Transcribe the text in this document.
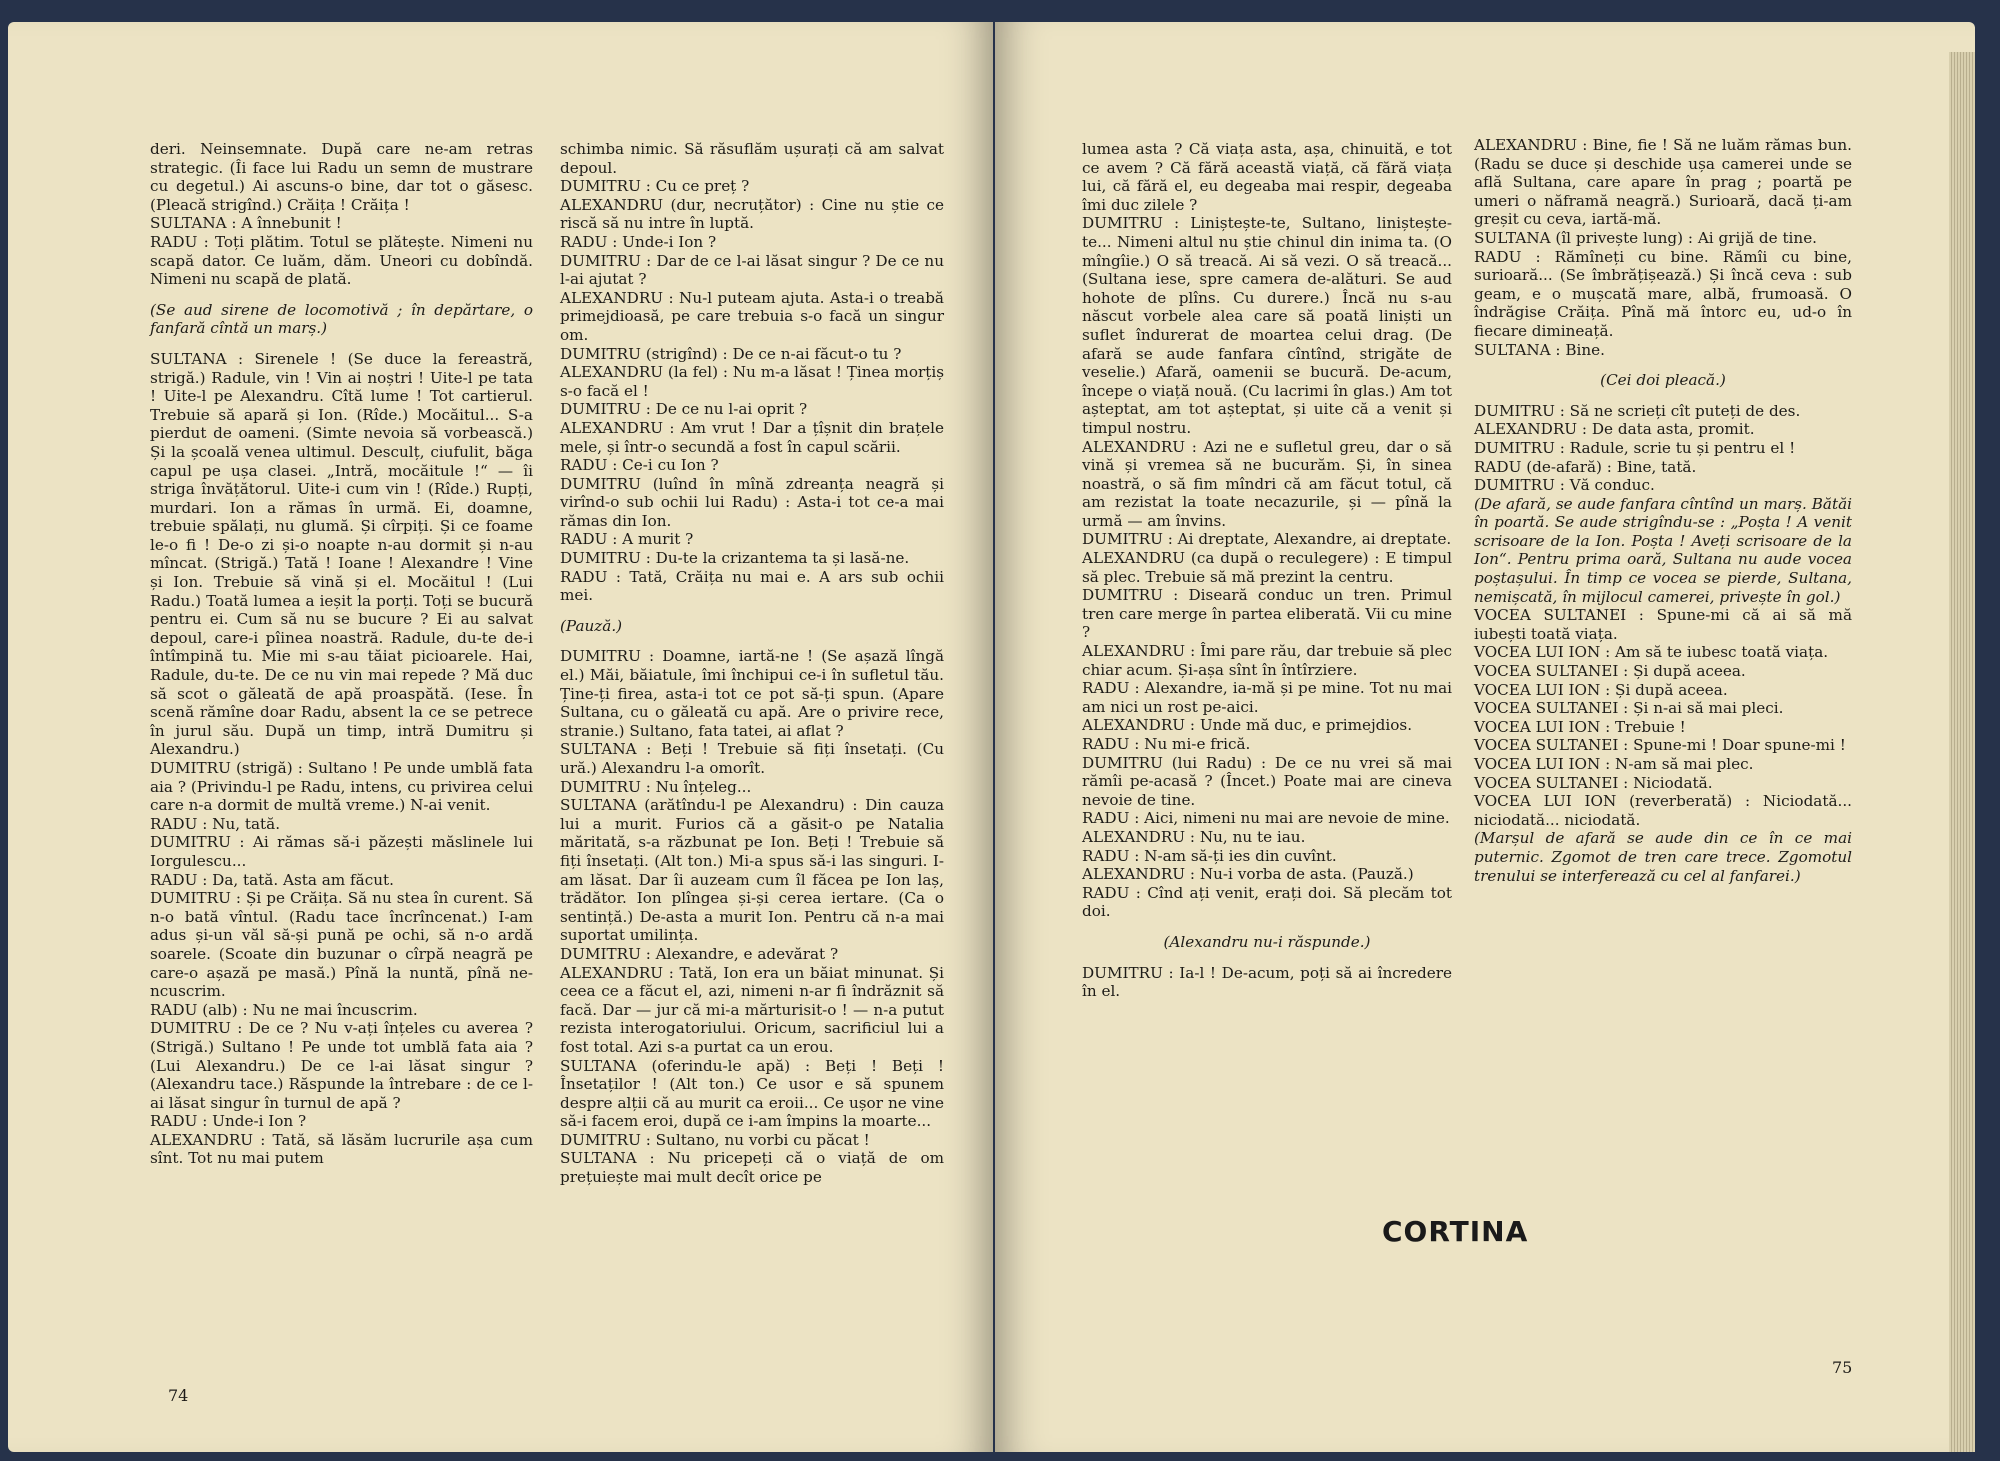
deri. Neinsemnate. După care ne-am retras strategic. (Îi face lui Radu un semn de mustrare cu degetul.) Ai ascuns-o bine, dar tot o găsesc. (Pleacă strigînd.) Crăița ! Crăița !

SULTANA : A înnebunit !

RADU : Toți plătim. Totul se plătește. Nimeni nu scapă dator. Ce luăm, dăm. Uneori cu dobîndă. Nimeni nu scapă de plată.

(Se aud sirene de locomotivă ; în depărtare, o fanfară cîntă un marș.)

SULTANA : Sirenele ! (Se duce la fereastră, strigă.) Radule, vin ! Vin ai noștri ! Uite-l pe tata ! Uite-l pe Alexandru. Cîtă lume ! Tot cartierul. Trebuie să apară și Ion. (Rîde.) Mocăitul... S-a pierdut de oameni. (Simte nevoia să vorbească.) Și la școală venea ultimul. Desculț, ciufulit, băga capul pe ușa clasei. „Intră, mocăitule !“ — îi striga învățătorul. Uite-i cum vin ! (Rîde.) Rupți, murdari. Ion a rămas în urmă. Ei, doamne, trebuie spălați, nu glumă. Și cîrpiți. Și ce foame le-o fi ! De-o zi și-o noapte n-au dormit și n-au mîncat. (Strigă.) Tată ! Ioane ! Alexandre ! Vine și Ion. Trebuie să vină și el. Mocăitul ! (Lui Radu.) Toată lumea a ieșit la porți. Toți se bucură pentru ei. Cum să nu se bucure ? Ei au salvat depoul, care-i pîinea noastră. Radule, du-te de-i întîmpină tu. Mie mi s-au tăiat picioarele. Hai, Radule, du-te. De ce nu vin mai repede ? Mă duc să scot o găleată de apă proaspătă. (Iese. În scenă rămîne doar Radu, absent la ce se petrece în jurul său. După un timp, intră Dumitru și Alexandru.)

DUMITRU (strigă) : Sultano ! Pe unde umblă fata aia ? (Privindu-l pe Radu, intens, cu privirea celui care n-a dormit de multă vreme.) N-ai venit.

RADU : Nu, tată.

DUMITRU : Ai rămas să-i păzești măslinele lui Iorgulescu...

RADU : Da, tată. Asta am făcut.

DUMITRU : Și pe Crăița. Să nu stea în curent. Să n-o bată vîntul. (Radu tace încrîncenat.) I-am adus și-un văl să-și pună pe ochi, să n-o ardă soarele. (Scoate din buzunar o cîrpă neagră pe care-o așază pe masă.) Pînă la nuntă, pînă ne-ncuscrim.

RADU (alb) : Nu ne mai încuscrim.

DUMITRU : De ce ? Nu v-ați înțeles cu averea ? (Strigă.) Sultano ! Pe unde tot umblă fata aia ? (Lui Alexandru.) De ce l-ai lăsat singur ? (Alexandru tace.) Răspunde la întrebare : de ce l-ai lăsat singur în turnul de apă ?

RADU : Unde-i Ion ?

ALEXANDRU : Tată, să lăsăm lucrurile așa cum sînt. Tot nu mai putem

schimba nimic. Să răsuflăm ușurați că am salvat depoul.

DUMITRU : Cu ce preț ?

ALEXANDRU (dur, necruțător) : Cine nu știe ce riscă să nu intre în luptă.

RADU : Unde-i Ion ?

DUMITRU : Dar de ce l-ai lăsat singur ? De ce nu l-ai ajutat ?

ALEXANDRU : Nu-l puteam ajuta. Asta-i o treabă primejdioasă, pe care trebuia s-o facă un singur om.

DUMITRU (strigînd) : De ce n-ai făcut-o tu ?

ALEXANDRU (la fel) : Nu m-a lăsat ! Ținea morțiș s-o facă el !

DUMITRU : De ce nu l-ai oprit ?

ALEXANDRU : Am vrut ! Dar a țîșnit din brațele mele, și într-o secundă a fost în capul scării.

RADU : Ce-i cu Ion ?

DUMITRU (luînd în mînă zdreanța neagră și virînd-o sub ochii lui Radu) : Asta-i tot ce-a mai rămas din Ion.

RADU : A murit ?

DUMITRU : Du-te la crizantema ta și lasă-ne.

RADU : Tată, Crăița nu mai e. A ars sub ochii mei.

(Pauză.)

DUMITRU : Doamne, iartă-ne ! (Se așază lîngă el.) Măi, băiatule, îmi închipui ce-i în sufletul tău. Ține-ți firea, asta-i tot ce pot să-ți spun. (Apare Sultana, cu o găleată cu apă. Are o privire rece, stranie.) Sultano, fata tatei, ai aflat ?

SULTANA : Beți ! Trebuie să fiți însetați. (Cu ură.) Alexandru l-a omorît.

DUMITRU : Nu înțeleg...

SULTANA (arătîndu-l pe Alexandru) : Din cauza lui a murit. Furios că a găsit-o pe Natalia măritată, s-a răzbunat pe Ion. Beți ! Trebuie să fiți însetați. (Alt ton.) Mi-a spus să-i las singuri. I-am lăsat. Dar îi auzeam cum îl făcea pe Ion laș, trădător. Ion plîngea și-și cerea iertare. (Ca o sentință.) De-asta a murit Ion. Pentru că n-a mai suportat umilința.

DUMITRU : Alexandre, e adevărat ?

ALEXANDRU : Tată, Ion era un băiat minunat. Și ceea ce a făcut el, azi, nimeni n-ar fi îndrăznit să facă. Dar — jur că mi-a mărturisit-o ! — n-a putut rezista interogatoriului. Oricum, sacrificiul lui a fost total. Azi s-a purtat ca un erou.

SULTANA (oferindu-le apă) : Beți ! Beți ! Însetaților ! (Alt ton.) Ce usor e să spunem despre alții că au murit ca eroii... Ce ușor ne vine să-i facem eroi, după ce i-am împins la moarte...

DUMITRU : Sultano, nu vorbi cu păcat !

SULTANA : Nu pricepeți că o viață de om prețuiește mai mult decît orice pe

74

lumea asta ? Că viața asta, așa, chinuită, e tot ce avem ? Că fără această viață, că fără viața lui, că fără el, eu degeaba mai respir, degeaba îmi duc zilele ?

DUMITRU : Liniștește-te, Sultano, liniștește-te... Nimeni altul nu știe chinul din inima ta. (O mîngîie.) O să treacă. Ai să vezi. O să treacă... (Sultana iese, spre camera de-alături. Se aud hohote de plîns. Cu durere.) Încă nu s-au născut vorbele alea care să poată liniști un suflet îndurerat de moartea celui drag. (De afară se aude fanfara cîntînd, strigăte de veselie.) Afară, oamenii se bucură. De-acum, începe o viață nouă. (Cu lacrimi în glas.) Am tot așteptat, am tot așteptat, și uite că a venit și timpul nostru.

ALEXANDRU : Azi ne e sufletul greu, dar o să vină și vremea să ne bucurăm. Și, în sinea noastră, o să fim mîndri că am făcut totul, că am rezistat la toate necazurile, și — pînă la urmă — am învins.

DUMITRU : Ai dreptate, Alexandre, ai dreptate.

ALEXANDRU (ca după o reculegere) : E timpul să plec. Trebuie să mă prezint la centru.

DUMITRU : Diseară conduc un tren. Primul tren care merge în partea eliberată. Vii cu mine ?

ALEXANDRU : Îmi pare rău, dar trebuie să plec chiar acum. Și-așa sînt în întîrziere.

RADU : Alexandre, ia-mă și pe mine. Tot nu mai am nici un rost pe-aici.

ALEXANDRU : Unde mă duc, e primejdios.

RADU : Nu mi-e frică.

DUMITRU (lui Radu) : De ce nu vrei să mai rămîi pe-acasă ? (Încet.) Poate mai are cineva nevoie de tine.

RADU : Aici, nimeni nu mai are nevoie de mine.

ALEXANDRU : Nu, nu te iau.

RADU : N-am să-ți ies din cuvînt.

ALEXANDRU : Nu-i vorba de asta. (Pauză.)

RADU : Cînd ați venit, erați doi. Să plecăm tot doi.

(Alexandru nu-i răspunde.)

DUMITRU : Ia-l ! De-acum, poți să ai încredere în el.

ALEXANDRU : Bine, fie ! Să ne luăm rămas bun. (Radu se duce și deschide ușa camerei unde se află Sultana, care apare în prag ; poartă pe umeri o năframă neagră.) Surioară, dacă ți-am greșit cu ceva, iartă-mă.

SULTANA (îl privește lung) : Ai grijă de tine.

RADU : Rămîneți cu bine. Rămîi cu bine, surioară... (Se îmbrățișează.) Și încă ceva : sub geam, e o mușcată mare, albă, frumoasă. O îndrăgise Crăița. Pînă mă întorc eu, ud-o în fiecare dimineață.

SULTANA : Bine.

(Cei doi pleacă.)

DUMITRU : Să ne scrieți cît puteți de des.

ALEXANDRU : De data asta, promit.

DUMITRU : Radule, scrie tu și pentru el !

RADU (de-afară) : Bine, tată.

DUMITRU : Vă conduc.

(De afară, se aude fanfara cîntînd un marș. Bătăi în poartă. Se aude strigîndu-se : „Poșta ! A venit scrisoare de la Ion. Poșta ! Aveți scrisoare de la Ion“. Pentru prima oară, Sultana nu aude vocea poștașului. În timp ce vocea se pierde, Sultana, nemișcată, în mijlocul camerei, privește în gol.)

VOCEA SULTANEI : Spune-mi că ai să mă iubești toată viața.

VOCEA LUI ION : Am să te iubesc toată viața.

VOCEA SULTANEI : Și după aceea.

VOCEA LUI ION : Și după aceea.

VOCEA SULTANEI : Și n-ai să mai pleci.

VOCEA LUI ION : Trebuie !

VOCEA SULTANEI : Spune-mi ! Doar spune-mi !

VOCEA LUI ION : N-am să mai plec.

VOCEA SULTANEI : Niciodată.

VOCEA LUI ION (reverberată) : Niciodată... niciodată... niciodată.

(Marșul de afară se aude din ce în ce mai puternic. Zgomot de tren care trece. Zgomotul trenului se interferează cu cel al fanfarei.)

CORTINA
75
